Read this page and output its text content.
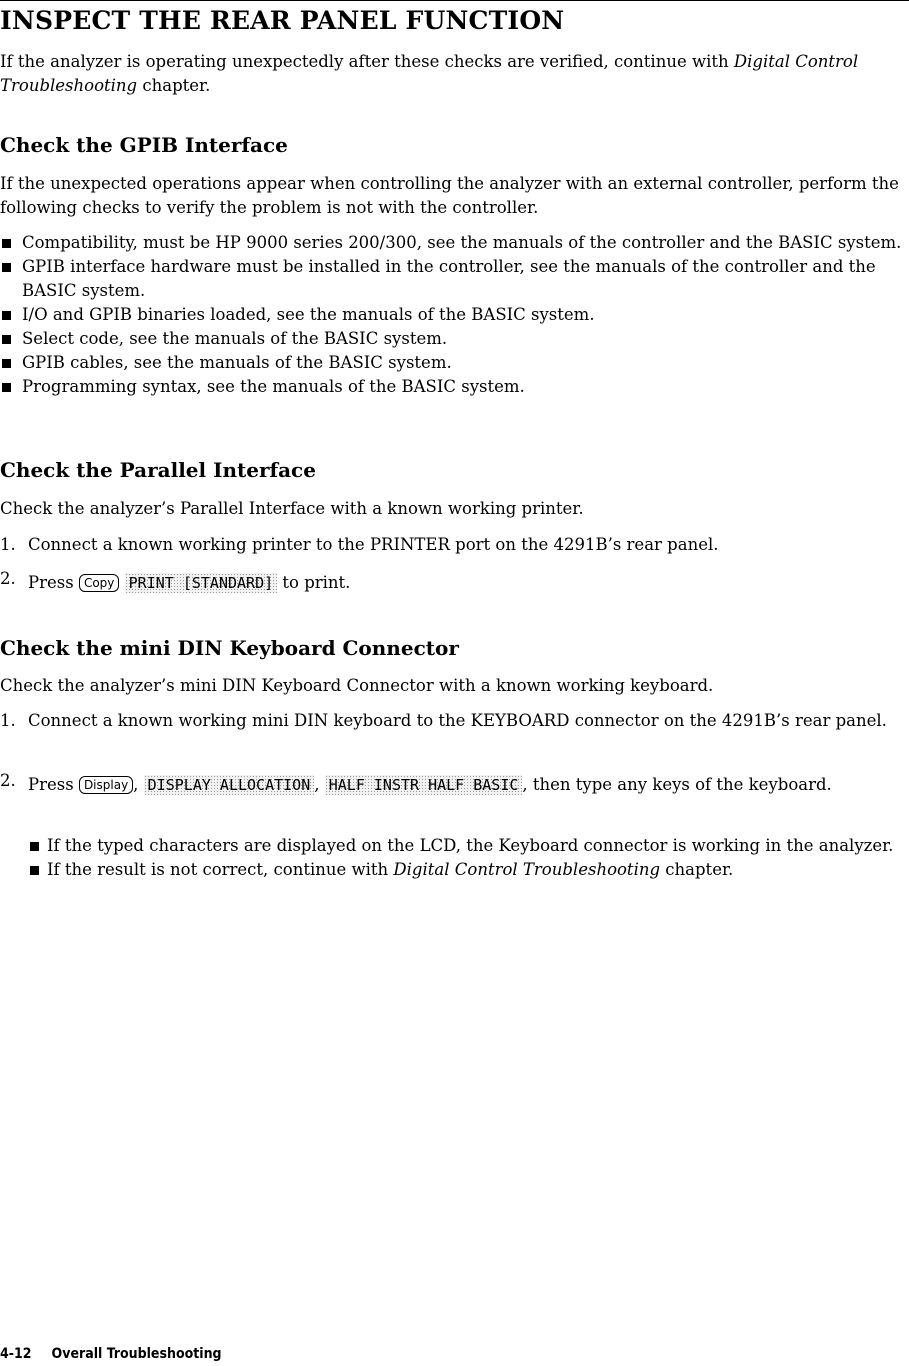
INSPECT THE REAR PANEL FUNCTION

If the analyzer is operating unexpectedly after these checks are verified, continue with Digital Control Troubleshooting chapter.

Check the GPIB Interface

If the unexpected operations appear when controlling the analyzer with an external controller, perform the following checks to verify the problem is not with the controller.

Compatibility, must be HP 9000 series 200/300, see the manuals of the controller and the BASIC system.
GPIB interface hardware must be installed in the controller, see the manuals of the controller and the BASIC system.
I/O and GPIB binaries loaded, see the manuals of the BASIC system.
Select code, see the manuals of the BASIC system.
GPIB cables, see the manuals of the BASIC system.
Programming syntax, see the manuals of the BASIC system.
Check the Parallel Interface

Check the analyzer’s Parallel Interface with a known working printer.

1. Connect a known working printer to the PRINTER port on the 4291B’s rear panel.
2. Press Copy PRINT [STANDARD] to print.
Check the mini DIN Keyboard Connector

Check the analyzer’s mini DIN Keyboard Connector with a known working keyboard.

1. Connect a known working mini DIN keyboard to the KEYBOARD connector on the 4291B’s rear panel.
2. Press Display , DISPLAY ALLOCATION , HALF INSTR HALF BASIC , then type any keys of the keyboard.
If the typed characters are displayed on the LCD, the Keyboard connector is working in the analyzer.
If the result is not correct, continue with Digital Control Troubleshooting chapter.
4-12 Overall Troubleshooting
